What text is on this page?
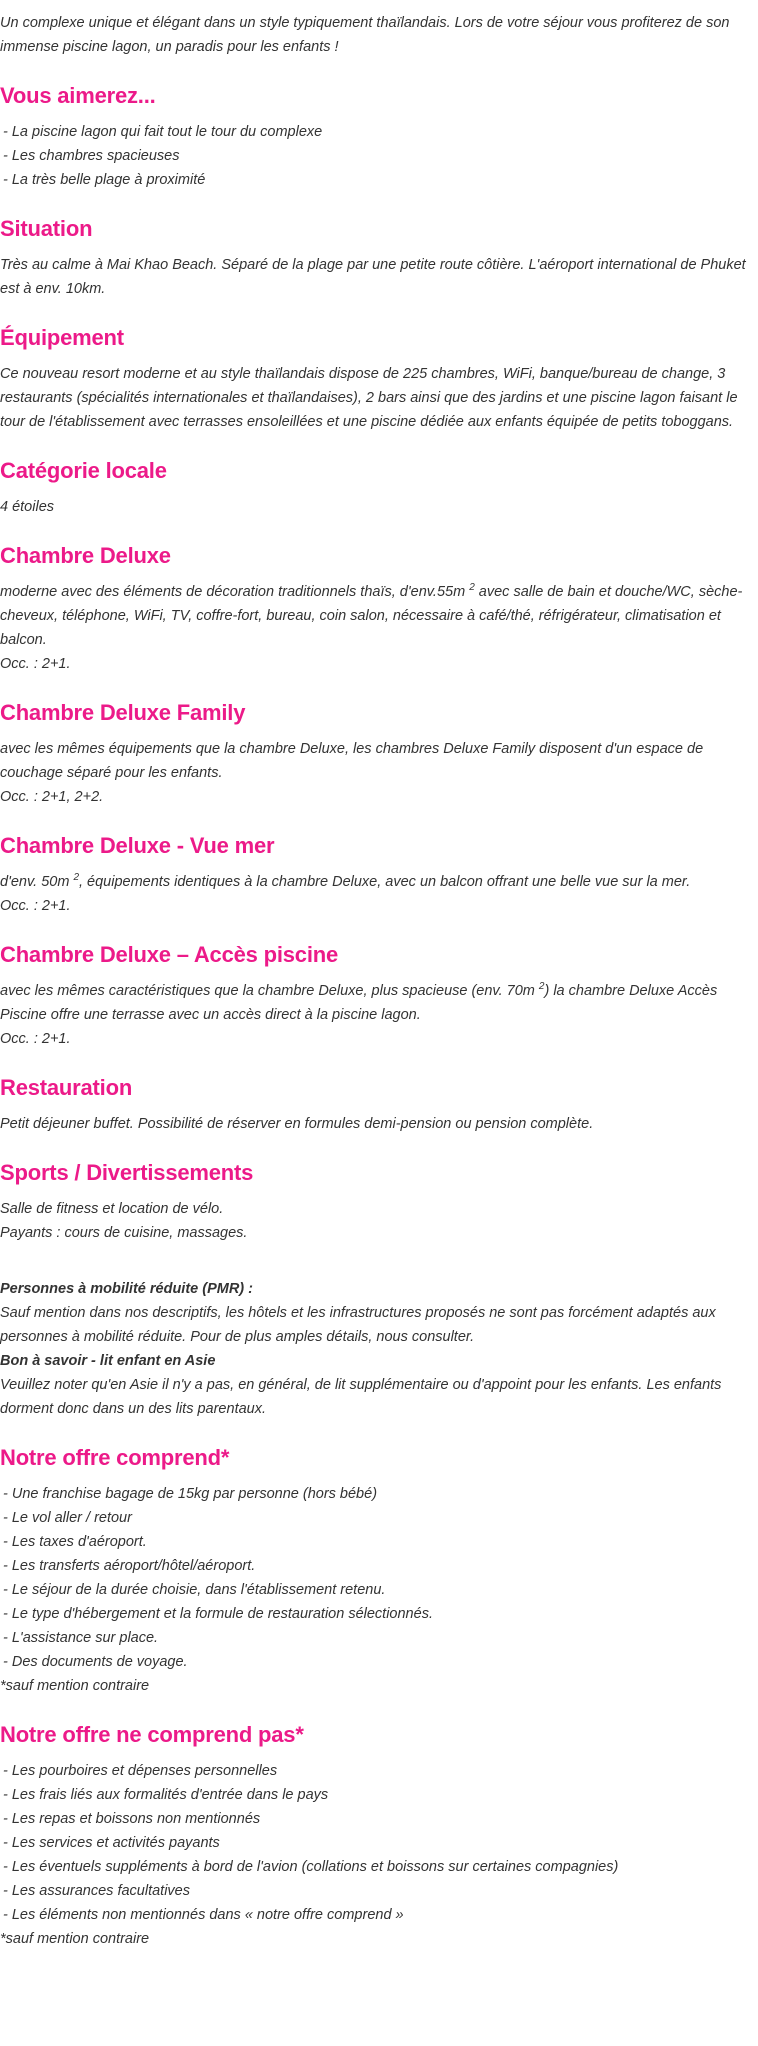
Un complexe unique et élégant dans un style typiquement thaïlandais. Lors de votre séjour vous profiterez de son immense piscine lagon, un paradis pour les enfants !

Vous aimerez...
- La piscine lagon qui fait tout le tour du complexe
- Les chambres spacieuses
- La très belle plage à proximité
Situation

Très au calme à Mai Khao Beach. Séparé de la plage par une petite route côtière. L'aéroport international de Phuket est à env. 10km.

Équipement

Ce nouveau resort moderne et au style thaïlandais dispose de 225 chambres, WiFi, banque/bureau de change, 3 restaurants (spécialités internationales et thaïlandaises), 2 bars ainsi que des jardins et une piscine lagon faisant le tour de l'établissement avec terrasses ensoleillées et une piscine dédiée aux enfants équipée de petits toboggans.

Catégorie locale

4 étoiles

Chambre Deluxe

moderne avec des éléments de décoration traditionnels thaïs, d'env.55m $^2$ avec salle de bain et douche/WC, sèche-cheveux, téléphone, WiFi, TV, coffre-fort, bureau, coin salon, nécessaire à café/thé, réfrigérateur, climatisation et balcon.

Occ. : 2+1.

Chambre Deluxe Family

avec les mêmes équipements que la chambre Deluxe, les chambres Deluxe Family disposent d'un espace de couchage séparé pour les enfants.

Occ. : 2+1, 2+2.

Chambre Deluxe - Vue mer

d'env. 50m $^2$, équipements identiques à la chambre Deluxe, avec un balcon offrant une belle vue sur la mer.

Occ. : 2+1.

Chambre Deluxe – Accès piscine

avec les mêmes caractéristiques que la chambre Deluxe, plus spacieuse (env. 70m $^2$) la chambre Deluxe Accès Piscine offre une terrasse avec un accès direct à la piscine lagon.

Occ. : 2+1.

Restauration

Petit déjeuner buffet. Possibilité de réserver en formules demi-pension ou pension complète.

Sports / Divertissements

Salle de fitness et location de vélo.

Payants : cours de cuisine, massages.

Personnes à mobilité réduite (PMR) :

Sauf mention dans nos descriptifs, les hôtels et les infrastructures proposés ne sont pas forcément adaptés aux personnes à mobilité réduite. Pour de plus amples détails, nous consulter.

Bon à savoir - lit enfant en Asie

Veuillez noter qu'en Asie il n'y a pas, en général, de lit supplémentaire ou d'appoint pour les enfants. Les enfants dorment donc dans un des lits parentaux.

Notre offre comprend*
- Une franchise bagage de 15kg par personne (hors bébé)
- Le vol aller / retour
- Les taxes d'aéroport.
- Les transferts aéroport/hôtel/aéroport.
- Le séjour de la durée choisie, dans l'établissement retenu.
- Le type d'hébergement et la formule de restauration sélectionnés.
- L'assistance sur place.
- Des documents de voyage.

*sauf mention contraire

Notre offre ne comprend pas*
- Les pourboires et dépenses personnelles
- Les frais liés aux formalités d'entrée dans le pays
- Les repas et boissons non mentionnés
- Les services et activités payants
- Les éventuels suppléments à bord de l'avion (collations et boissons sur certaines compagnies)
- Les assurances facultatives
- Les éléments non mentionnés dans « notre offre comprend »

*sauf mention contraire
